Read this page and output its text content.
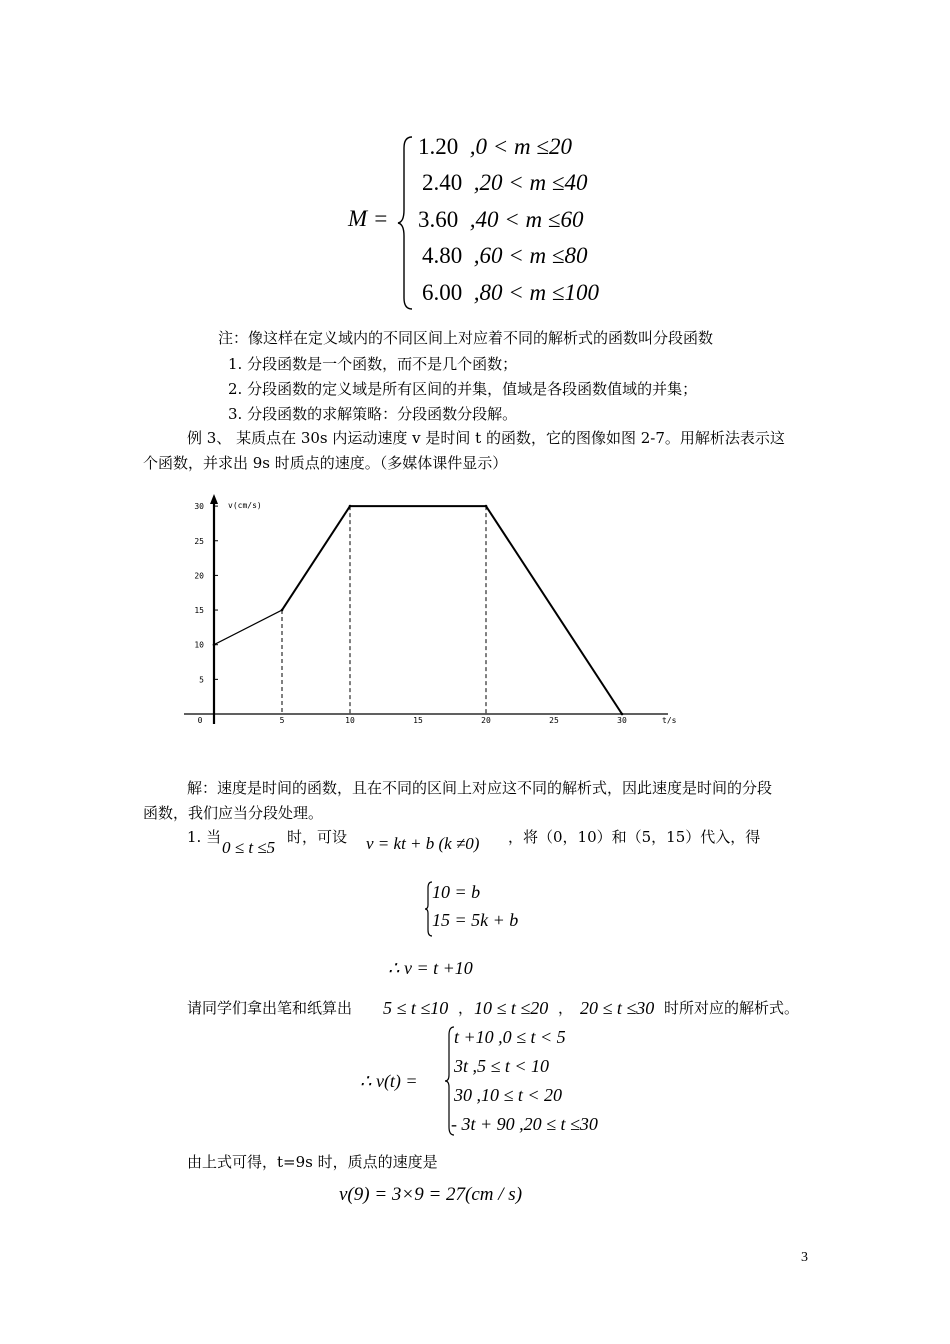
M =
1.20 ,0 < m ≤20
2.40 ,20 < m ≤40
3.60 ,40 < m ≤60
4.80 ,60 < m ≤80
6.00 ,80 < m ≤100
注：像这样在定义域内的不同区间上对应着不同的解析式的函数叫分段函数
1. 分段函数是一个函数，而不是几个函数；
2. 分段函数的定义域是所有区间的并集，值域是各段函数值域的并集；
3. 分段函数的求解策略：分段函数分段解。
例 3、 某质点在 30s 内运动速度 v 是时间 t 的函数，它的图像如图 2-7。用解析法表示这
个函数，并求出 9s 时质点的速度。（多媒体课件显示）
5
10
15
20
25
30
0	5	10	15	20	25	30
v(cm/s)
t/s
解：速度是时间的函数，且在不同的区间上对应这不同的解析式，因此速度是时间的分段
函数，我们应当分段处理。
1. 当
0 ≤ t ≤5
时，可设 v = kt + b (k ≠0) ，将（0，10）和（5，15）代入，得
10 = b
15 = 5k + b
∴ v = t +10
请同学们拿出笔和纸算出 5 ≤ t ≤10 ， 10 ≤ t ≤20 ， 20 ≤ t ≤30 时所对应的解析式。
∴ v(t) =
t +10 ,0 ≤ t < 5
3t ,5 ≤ t < 10
30 ,10 ≤ t < 20
- 3t + 90 ,20 ≤ t ≤30
由上式可得，t=9s 时，质点的速度是
v(9) = 3×9 = 27(cm / s)
3
